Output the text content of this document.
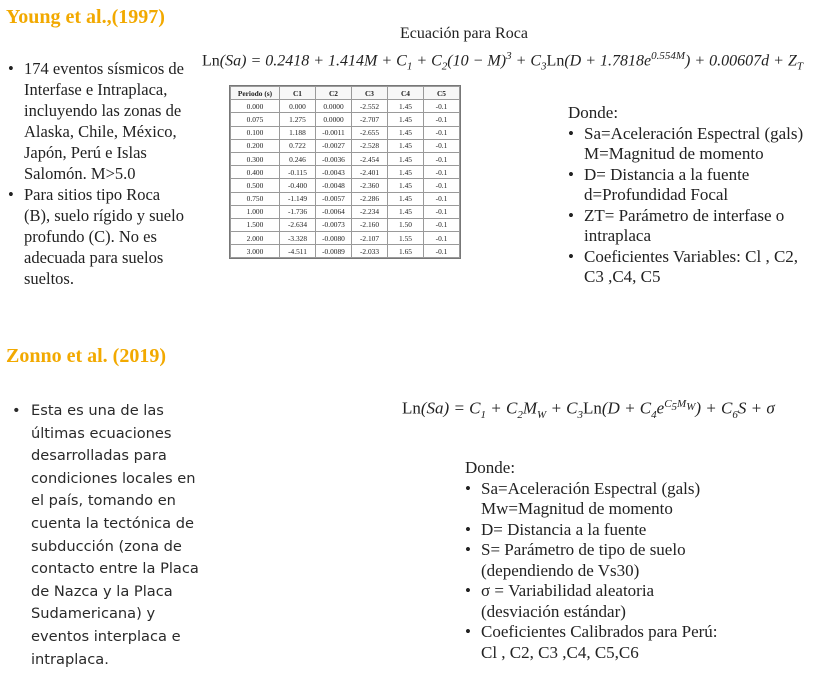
Young et al.,(1997)
• 174 eventos sísmicos de Interfase e Intraplaca, incluyendo las zonas de Alaska, Chile, México, Japón, Perú e Islas Salomón. M>5.0
• Para sitios tipo Roca (B), suelo rígido y suelo profundo (C). No es adecuada para suelos sueltos.
Ecuación para Roca
$Ln(Sa) = 0.2418 + 1.414M + C_1 + C_2(10 - M)^3 + C_3Ln(D + 1.7818e^{0.554M}) + 0.00607d + Z_T$
Periodo (s)	C1	C2	C3	C4	C5
0.000	0.000	0.0000	-2.552	1.45	-0.1
0.075	1.275	0.0000	-2.707	1.45	-0.1
0.100	1.188	-0.0011	-2.655	1.45	-0.1
0.200	0.722	-0.0027	-2.528	1.45	-0.1
0.300	0.246	-0.0036	-2.454	1.45	-0.1
0.400	-0.115	-0.0043	-2.401	1.45	-0.1
0.500	-0.400	-0.0048	-2.360	1.45	-0.1
0.750	-1.149	-0.0057	-2.286	1.45	-0.1
1.000	-1.736	-0.0064	-2.234	1.45	-0.1
1.500	-2.634	-0.0073	-2.160	1.50	-0.1
2.000	-3.328	-0.0080	-2.107	1.55	-0.1
3.000	-4.511	-0.0089	-2.033	1.65	-0.1
Donde:
• Sa=Aceleración Espectral (gals)
M=Magnitud de momento
• D= Distancia a la fuente
d=Profundidad Focal
• ZT= Parámetro de interfase o
intraplaca
• Coeficientes Variables: Cl , C2,
C3 ,C4, C5
Zonno et al. (2019)
• Esta es una de las
últimas ecuaciones
desarrolladas para
condiciones locales en
el país, tomando en
cuenta la tectónica de
subducción (zona de
contacto entre la Placa
de Nazca y la Placa
Sudamericana) y
eventos interplaca e
intraplaca.
$Ln(Sa) = C_1 + C_2M_W + C_3Ln(D + C_4e^{C_5M_W}) + C_6S + \sigma$
Donde:
• Sa=Aceleración Espectral (gals)
Mw=Magnitud de momento
• D= Distancia a la fuente
• S= Parámetro de tipo de suelo
(dependiendo de Vs30)
• σ = Variabilidad aleatoria
(desviación estándar)
• Coeficientes Calibrados para Perú:
Cl , C2, C3 ,C4, C5,C6
